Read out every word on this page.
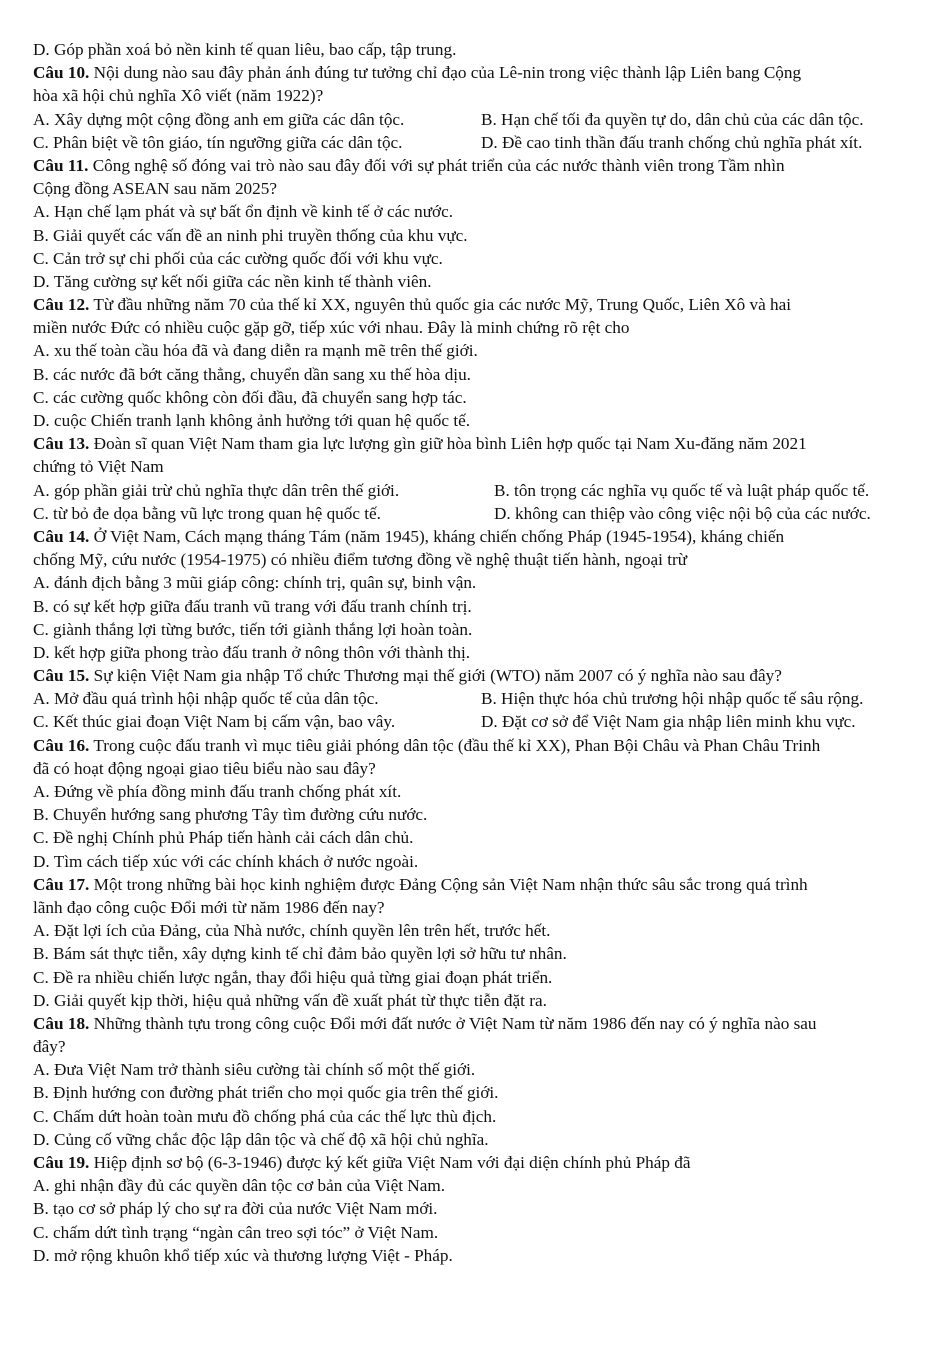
D. Góp phần xoá bỏ nền kinh tế quan liêu, bao cấp, tập trung.
Câu 10. Nội dung nào sau đây phản ánh đúng tư tưởng chỉ đạo của Lê-nin trong việc thành lập Liên bang Cộng
hòa xã hội chủ nghĩa Xô viết (năm 1922)?
A. Xây dựng một cộng đồng anh em giữa các dân tộc.	B. Hạn chế tối đa quyền tự do, dân chủ của các dân tộc.
C. Phân biệt về tôn giáo, tín ngưỡng giữa các dân tộc.	D. Đề cao tinh thần đấu tranh chống chủ nghĩa phát xít.
Câu 11. Công nghệ số đóng vai trò nào sau đây đối với sự phát triển của các nước thành viên trong Tầm nhìn
Cộng đồng ASEAN sau năm 2025?
A. Hạn chế lạm phát và sự bất ổn định về kinh tế ở các nước.
B. Giải quyết các vấn đề an ninh phi truyền thống của khu vực.
C. Cản trở sự chi phối của các cường quốc đối với khu vực.
D. Tăng cường sự kết nối giữa các nền kinh tế thành viên.
Câu 12. Từ đầu những năm 70 của thế kỉ XX, nguyên thủ quốc gia các nước Mỹ, Trung Quốc, Liên Xô và hai
miền nước Đức có nhiều cuộc gặp gỡ, tiếp xúc với nhau. Đây là minh chứng rõ rệt cho
A. xu thế toàn cầu hóa đã và đang diễn ra mạnh mẽ trên thế giới.
B. các nước đã bớt căng thẳng, chuyển dần sang xu thế hòa dịu.
C. các cường quốc không còn đối đầu, đã chuyển sang hợp tác.
D. cuộc Chiến tranh lạnh không ảnh hưởng tới quan hệ quốc tế.
Câu 13. Đoàn sĩ quan Việt Nam tham gia lực lượng gìn giữ hòa bình Liên hợp quốc tại Nam Xu-đăng năm 2021
chứng tỏ Việt Nam
A. góp phần giải trừ chủ nghĩa thực dân trên thế giới.	B. tôn trọng các nghĩa vụ quốc tế và luật pháp quốc tế.
C. từ bỏ đe dọa bằng vũ lực trong quan hệ quốc tế.	D. không can thiệp vào công việc nội bộ của các nước.
Câu 14. Ở Việt Nam, Cách mạng tháng Tám (năm 1945), kháng chiến chống Pháp (1945-1954), kháng chiến
chống Mỹ, cứu nước (1954-1975) có nhiều điểm tương đồng về nghệ thuật tiến hành, ngoại trừ
A. đánh địch bằng 3 mũi giáp công: chính trị, quân sự, binh vận.
B. có sự kết hợp giữa đấu tranh vũ trang với đấu tranh chính trị.
C. giành thắng lợi từng bước, tiến tới giành thắng lợi hoàn toàn.
D. kết hợp giữa phong trào đấu tranh ở nông thôn với thành thị.
Câu 15. Sự kiện Việt Nam gia nhập Tổ chức Thương mại thế giới (WTO) năm 2007 có ý nghĩa nào sau đây?
A. Mở đầu quá trình hội nhập quốc tế của dân tộc.	B. Hiện thực hóa chủ trương hội nhập quốc tế sâu rộng.
C. Kết thúc giai đoạn Việt Nam bị cấm vận, bao vây.	D. Đặt cơ sở để Việt Nam gia nhập liên minh khu vực.
Câu 16. Trong cuộc đấu tranh vì mục tiêu giải phóng dân tộc (đầu thế kỉ XX), Phan Bội Châu và Phan Châu Trinh
đã có hoạt động ngoại giao tiêu biểu nào sau đây?
A. Đứng về phía đồng minh đấu tranh chống phát xít.
B. Chuyển hướng sang phương Tây tìm đường cứu nước.
C. Đề nghị Chính phủ Pháp tiến hành cải cách dân chủ.
D. Tìm cách tiếp xúc với các chính khách ở nước ngoài.
Câu 17. Một trong những bài học kinh nghiệm được Đảng Cộng sản Việt Nam nhận thức sâu sắc trong quá trình
lãnh đạo công cuộc Đổi mới từ năm 1986 đến nay?
A. Đặt lợi ích của Đảng, của Nhà nước, chính quyền lên trên hết, trước hết.
B. Bám sát thực tiễn, xây dựng kinh tế chỉ đảm bảo quyền lợi sở hữu tư nhân.
C. Đề ra nhiều chiến lược ngắn, thay đổi hiệu quả từng giai đoạn phát triển.
D. Giải quyết kịp thời, hiệu quả những vấn đề xuất phát từ thực tiễn đặt ra.
Câu 18. Những thành tựu trong công cuộc Đổi mới đất nước ở Việt Nam từ năm 1986 đến nay có ý nghĩa nào sau
đây?
A. Đưa Việt Nam trở thành siêu cường tài chính số một thế giới.
B. Định hướng con đường phát triển cho mọi quốc gia trên thế giới.
C. Chấm dứt hoàn toàn mưu đồ chống phá của các thế lực thù địch.
D. Củng cố vững chắc độc lập dân tộc và chế độ xã hội chủ nghĩa.
Câu 19. Hiệp định sơ bộ (6-3-1946) được ký kết giữa Việt Nam với đại diện chính phủ Pháp đã
A. ghi nhận đầy đủ các quyền dân tộc cơ bản của Việt Nam.
B. tạo cơ sở pháp lý cho sự ra đời của nước Việt Nam mới.
C. chấm dứt tình trạng “ngàn cân treo sợi tóc” ở Việt Nam.
D. mở rộng khuôn khổ tiếp xúc và thương lượng Việt - Pháp.
